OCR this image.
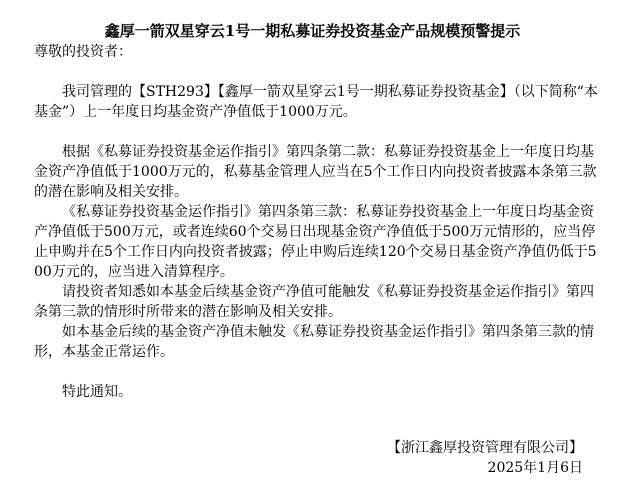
鑫厚一箭双星穿云1号一期私募证券投资基金产品规模预警提示
尊敬的投资者：

我司管理的【STH293】【鑫厚一箭双星穿云1号一期私募证券投资基金】（以下简称“本基金”）上一年度日均基金资产净值低于1000万元。

根据《私募证券投资基金运作指引》第四条第二款：私募证券投资基金上一年度日均基金资产净值低于1000万元的，私募基金管理人应当在5个工作日内向投资者披露本条第三款的潜在影响及相关安排。

《私募证券投资基金运作指引》第四条第三款：私募证券投资基金上一年度日均基金资产净值低于500万元，或者连续60个交易日出现基金资产净值低于500万元情形的，应当停止申购并在5个工作日内向投资者披露；停止申购后连续120个交易日基金资产净值仍低于500万元的，应当进入清算程序。

请投资者知悉如本基金后续基金资产净值可能触发《私募证券投资基金运作指引》第四条第三款的情形时所带来的潜在影响及相关安排。

如本基金后续的基金资产净值未触发《私募证券投资基金运作指引》第四条第三款的情形，本基金正常运作。

特此通知。

【浙江鑫厚投资管理有限公司】
2025年1月6日
